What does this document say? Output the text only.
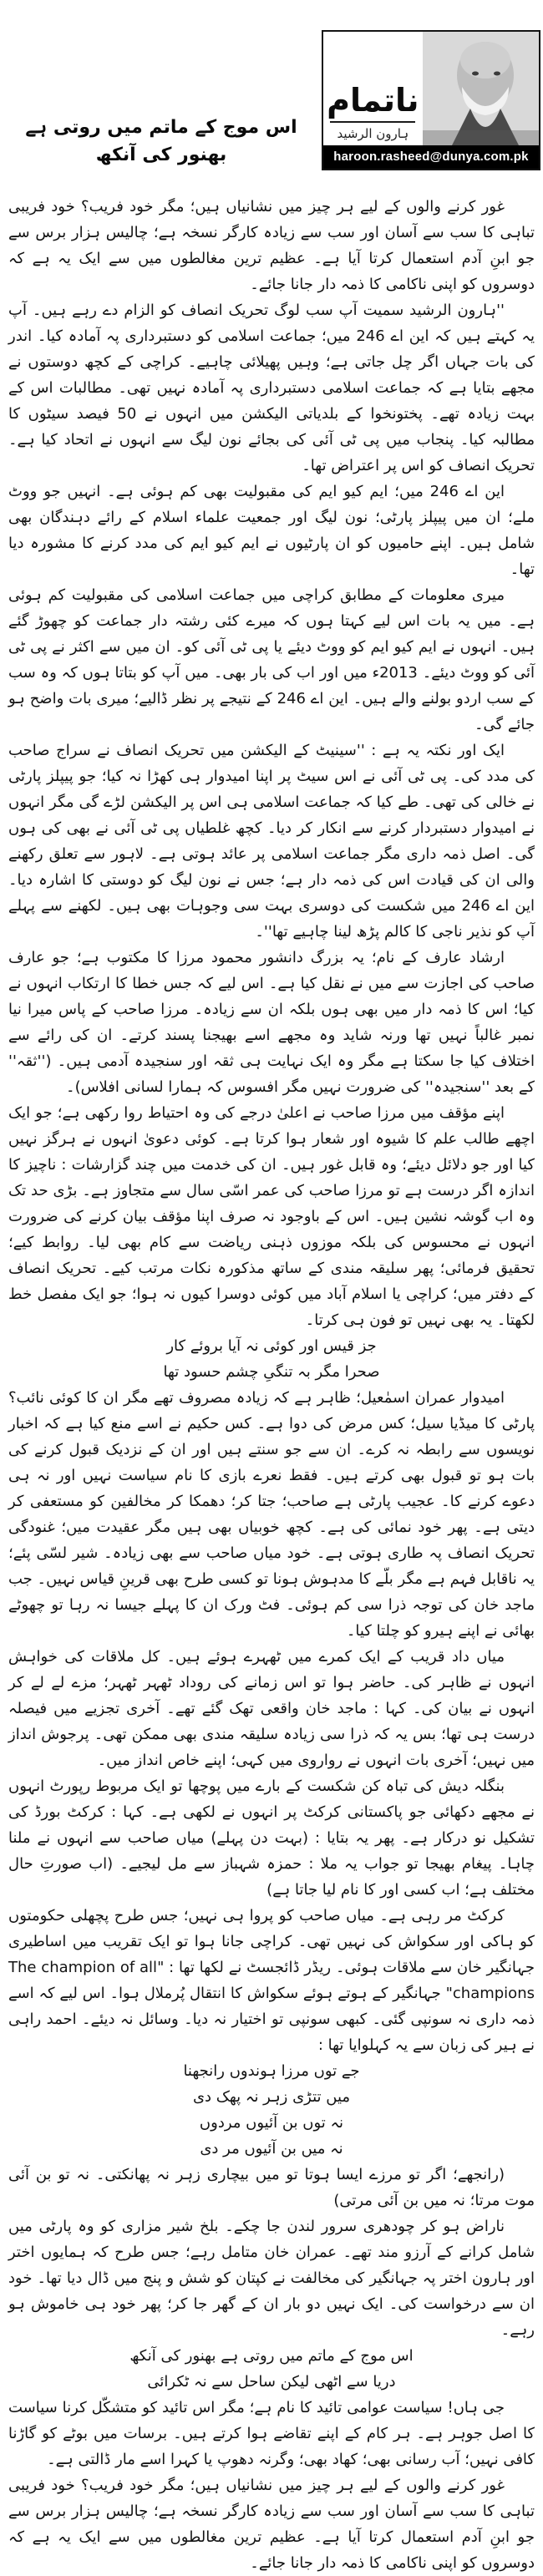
ناتمام
ہارون الرشید
haroon.rasheed@dunya.com.pk
اس موج کے ماتم میں روتی ہے بھنور کی آنکھ

غور کرنے والوں کے لیے ہر چیز میں نشانیاں ہیں؛ مگر خود فریب؟ خود فریبی تباہی کا سب سے آسان اور سب سے زیادہ کارگر نسخہ ہے؛ چالیس ہزار برس سے جو ابنِ آدم استعمال کرتا آیا ہے۔ عظیم ترین مغالطوں میں سے ایک یہ ہے کہ دوسروں کو اپنی ناکامی کا ذمہ دار جانا جائے۔

''ہارون الرشید سمیت آپ سب لوگ تحریک انصاف کو الزام دے رہے ہیں۔ آپ یہ کہتے ہیں کہ این اے 246 میں؛ جماعت اسلامی کو دستبرداری پہ آمادہ کیا۔ اندر کی بات جہاں اگر چل جاتی ہے؛ وہیں پھیلائی چاہیے۔ کراچی کے کچھ دوستوں نے مجھے بتایا ہے کہ جماعت اسلامی دستبرداری پہ آمادہ نہیں تھی۔ مطالبات اس کے بہت زیادہ تھے۔ پختونخوا کے بلدیاتی الیکشن میں انہوں نے 50 فیصد سیٹوں کا مطالبہ کیا۔ پنجاب میں پی ٹی آئی کی بجائے نون لیگ سے انہوں نے اتحاد کیا ہے۔ تحریک انصاف کو اس پر اعتراض تھا۔

این اے 246 میں؛ ایم کیو ایم کی مقبولیت بھی کم ہوئی ہے۔ انہیں جو ووٹ ملے؛ ان میں پیپلز پارٹی؛ نون لیگ اور جمعیت علماء اسلام کے رائے دہندگان بھی شامل ہیں۔ اپنے حامیوں کو ان پارٹیوں نے ایم کیو ایم کی مدد کرنے کا مشورہ دیا تھا۔

میری معلومات کے مطابق کراچی میں جماعت اسلامی کی مقبولیت کم ہوئی ہے۔ میں یہ بات اس لیے کہتا ہوں کہ میرے کئی رشتہ دار جماعت کو چھوڑ گئے ہیں۔ انہوں نے ایم کیو ایم کو ووٹ دیئے یا پی ٹی آئی کو۔ ان میں سے اکثر نے پی ٹی آئی کو ووٹ دیئے۔ 2013ء میں اور اب کی بار بھی۔ میں آپ کو بتاتا ہوں کہ وہ سب کے سب اردو بولنے والے ہیں۔ این اے 246 کے نتیجے پر نظر ڈالیے؛ میری بات واضح ہو جائے گی۔

ایک اور نکتہ یہ ہے : ''سینیٹ کے الیکشن میں تحریک انصاف نے سراج صاحب کی مدد کی۔ پی ٹی آئی نے اس سیٹ پر اپنا امیدوار ہی کھڑا نہ کیا؛ جو پیپلز پارٹی نے خالی کی تھی۔ طے کیا کہ جماعت اسلامی ہی اس پر الیکشن لڑے گی مگر انہوں نے امیدوار دستبردار کرنے سے انکار کر دیا۔ کچھ غلطیاں پی ٹی آئی نے بھی کی ہوں گی۔ اصل ذمہ داری مگر جماعت اسلامی پر عائد ہوتی ہے۔ لاہور سے تعلق رکھنے والی ان کی قیادت اس کی ذمہ دار ہے؛ جس نے نون لیگ کو دوستی کا اشارہ دیا۔ این اے 246 میں شکست کی دوسری بہت سی وجوہات بھی ہیں۔ لکھنے سے پہلے آپ کو نذیر ناجی کا کالم پڑھ لینا چاہیے تھا''۔

ارشاد عارف کے نام؛ یہ بزرگ دانشور محمود مرزا کا مکتوب ہے؛ جو عارف صاحب کی اجازت سے میں نے نقل کیا ہے۔ اس لیے کہ جس خطا کا ارتکاب انہوں نے کیا؛ اس کا ذمہ دار میں بھی ہوں بلکہ ان سے زیادہ۔ مرزا صاحب کے پاس میرا نیا نمبر غالباً نہیں تھا ورنہ شاید وہ مجھے اسے بھیجنا پسند کرتے۔ ان کی رائے سے اختلاف کیا جا سکتا ہے مگر وہ ایک نہایت ہی ثقہ اور سنجیدہ آدمی ہیں۔ (''ثقہ'' کے بعد ''سنجیدہ'' کی ضرورت نہیں مگر افسوس کہ ہمارا لسانی افلاس)۔

اپنے مؤقف میں مرزا صاحب نے اعلیٰ درجے کی وہ احتیاط روا رکھی ہے؛ جو ایک اچھے طالب علم کا شیوہ اور شعار ہوا کرتا ہے۔ کوئی دعویٰ انہوں نے ہرگز نہیں کیا اور جو دلائل دیئے؛ وہ قابل غور ہیں۔ ان کی خدمت میں چند گزارشات : ناچیز کا اندازہ اگر درست ہے تو مرزا صاحب کی عمر اسّی سال سے متجاوز ہے۔ بڑی حد تک وہ اب گوشہ نشین ہیں۔ اس کے باوجود نہ صرف اپنا مؤقف بیان کرنے کی ضرورت انہوں نے محسوس کی بلکہ موزوں ذہنی ریاضت سے کام بھی لیا۔ روابط کیے؛ تحقیق فرمائی؛ پھر سلیقہ مندی کے ساتھ مذکورہ نکات مرتب کیے۔ تحریک انصاف کے دفتر میں؛ کراچی یا اسلام آباد میں کوئی دوسرا کیوں نہ ہوا؛ جو ایک مفصل خط لکھتا۔ یہ بھی نہیں تو فون ہی کرتا۔

جز قیس اور کوئی نہ آیا بروئے کار
صحرا مگر بہ تنگیِ چشم حسود تھا

امیدوار عمران اسمٰعیل؛ ظاہر ہے کہ زیادہ مصروف تھے مگر ان کا کوئی نائب؟ پارٹی کا میڈیا سیل؛ کس مرض کی دوا ہے۔ کس حکیم نے اسے منع کیا ہے کہ اخبار نویسوں سے رابطہ نہ کرے۔ ان سے جو سنتے ہیں اور ان کے نزدیک قبول کرنے کی بات ہو تو قبول بھی کرتے ہیں۔ فقط نعرے بازی کا نام سیاست نہیں اور نہ ہی دعوے کرنے کا۔ عجیب پارٹی ہے صاحب؛ جتا کر؛ دھمکا کر مخالفین کو مستعفی کر دیتی ہے۔ پھر خود نمائی کی ہے۔ کچھ خوبیاں بھی ہیں مگر عقیدت میں؛ غنودگی تحریک انصاف پہ طاری ہوتی ہے۔ خود میاں صاحب سے بھی زیادہ۔ شیر لسّی پئے؛ یہ ناقابل فہم ہے مگر بلّے کا مدہوش ہونا تو کسی طرح بھی قرینِ قیاس نہیں۔ جب ماجد خان کی توجہ ذرا سی کم ہوئی۔ فٹ ورک ان کا پہلے جیسا نہ رہا تو چھوٹے بھائی نے اپنے ہیرو کو چلتا کیا۔

میاں داد قریب کے ایک کمرے میں ٹھہرے ہوئے ہیں۔ کل ملاقات کی خواہش انہوں نے ظاہر کی۔ حاضر ہوا تو اس زمانے کی روداد ٹھہر ٹھہر؛ مزے لے لے کر انہوں نے بیان کی۔ کہا : ماجد خان واقعی تھک گئے تھے۔ آخری تجزیے میں فیصلہ درست ہی تھا؛ بس یہ کہ ذرا سی زیادہ سلیقہ مندی بھی ممکن تھی۔ پرجوش انداز میں نہیں؛ آخری بات انہوں نے رواروی میں کہی؛ اپنے خاص انداز میں۔

بنگلہ دیش کی تباہ کن شکست کے بارے میں پوچھا تو ایک مربوط رپورٹ انہوں نے مجھے دکھائی جو پاکستانی کرکٹ پر انہوں نے لکھی ہے۔ کہا : کرکٹ بورڈ کی تشکیل نو درکار ہے۔ پھر یہ بتایا : (بہت دن پہلے) میاں صاحب سے انہوں نے ملنا چاہا۔ پیغام بھیجا تو جواب یہ ملا : حمزہ شہباز سے مل لیجیے۔ (اب صورتِ حال مختلف ہے؛ اب کسی اور کا نام لیا جاتا ہے)

کرکٹ مر رہی ہے۔ میاں صاحب کو پروا ہی نہیں؛ جس طرح پچھلی حکومتوں کو ہاکی اور سکواش کی نہیں تھی۔ کراچی جانا ہوا تو ایک تقریب میں اساطیری جہانگیر خان سے ملاقات ہوئی۔ ریڈر ڈائجسٹ نے لکھا تھا : "The champion of all champions" جہانگیر کے ہوتے ہوئے سکواش کا انتقال پُرملال ہوا۔ اس لیے کہ اسے ذمہ داری نہ سونپی گئی۔ کبھی سونپی تو اختیار نہ دیا۔ وسائل نہ دیئے۔ احمد راہی نے ہیر کی زبان سے یہ کہلوایا تھا :

جے توں مرزا ہوندوں رانجھنا
میں تتڑی زہر نہ پھک دی
نہ توں بن آئیوں مردوں
نہ میں بن آئیوں مر دی

(رانجھے؛ اگر تو مرزے ایسا ہوتا تو میں بیچاری زہر نہ پھانکتی۔ نہ تو بن آئی موت مرتا؛ نہ میں بن آئی مرتی)

ناراض ہو کر چودھری سرور لندن جا چکے۔ بلخ شیر مزاری کو وہ پارٹی میں شامل کرانے کے آرزو مند تھے۔ عمران خان متامل رہے؛ جس طرح کہ ہمایوں اختر اور ہارون اختر پہ جہانگیر کی مخالفت نے کپتان کو شش و پنج میں ڈال دیا تھا۔ خود ان سے درخواست کی۔ ایک نہیں دو بار ان کے گھر جا کر؛ پھر خود ہی خاموش ہو رہے۔

اس موج کے ماتم میں روتی ہے بھنور کی آنکھ
دریا سے اٹھی لیکن ساحل سے نہ ٹکرائی

جی ہاں! سیاست عوامی تائید کا نام ہے؛ مگر اس تائید کو متشکّل کرنا سیاست کا اصل جوہر ہے۔ ہر کام کے اپنے تقاضے ہوا کرتے ہیں۔ برسات میں بوٹے کو گاڑنا کافی نہیں؛ آب رسانی بھی؛ کھاد بھی؛ وگرنہ دھوپ یا کہرا اسے مار ڈالتی ہے۔

غور کرنے والوں کے لیے ہر چیز میں نشانیاں ہیں؛ مگر خود فریب؟ خود فریبی تباہی کا سب سے آسان اور سب سے زیادہ کارگر نسخہ ہے؛ چالیس ہزار برس سے جو ابنِ آدم استعمال کرتا آیا ہے۔ عظیم ترین مغالطوں میں سے ایک یہ ہے کہ دوسروں کو اپنی ناکامی کا ذمہ دار جانا جائے۔
